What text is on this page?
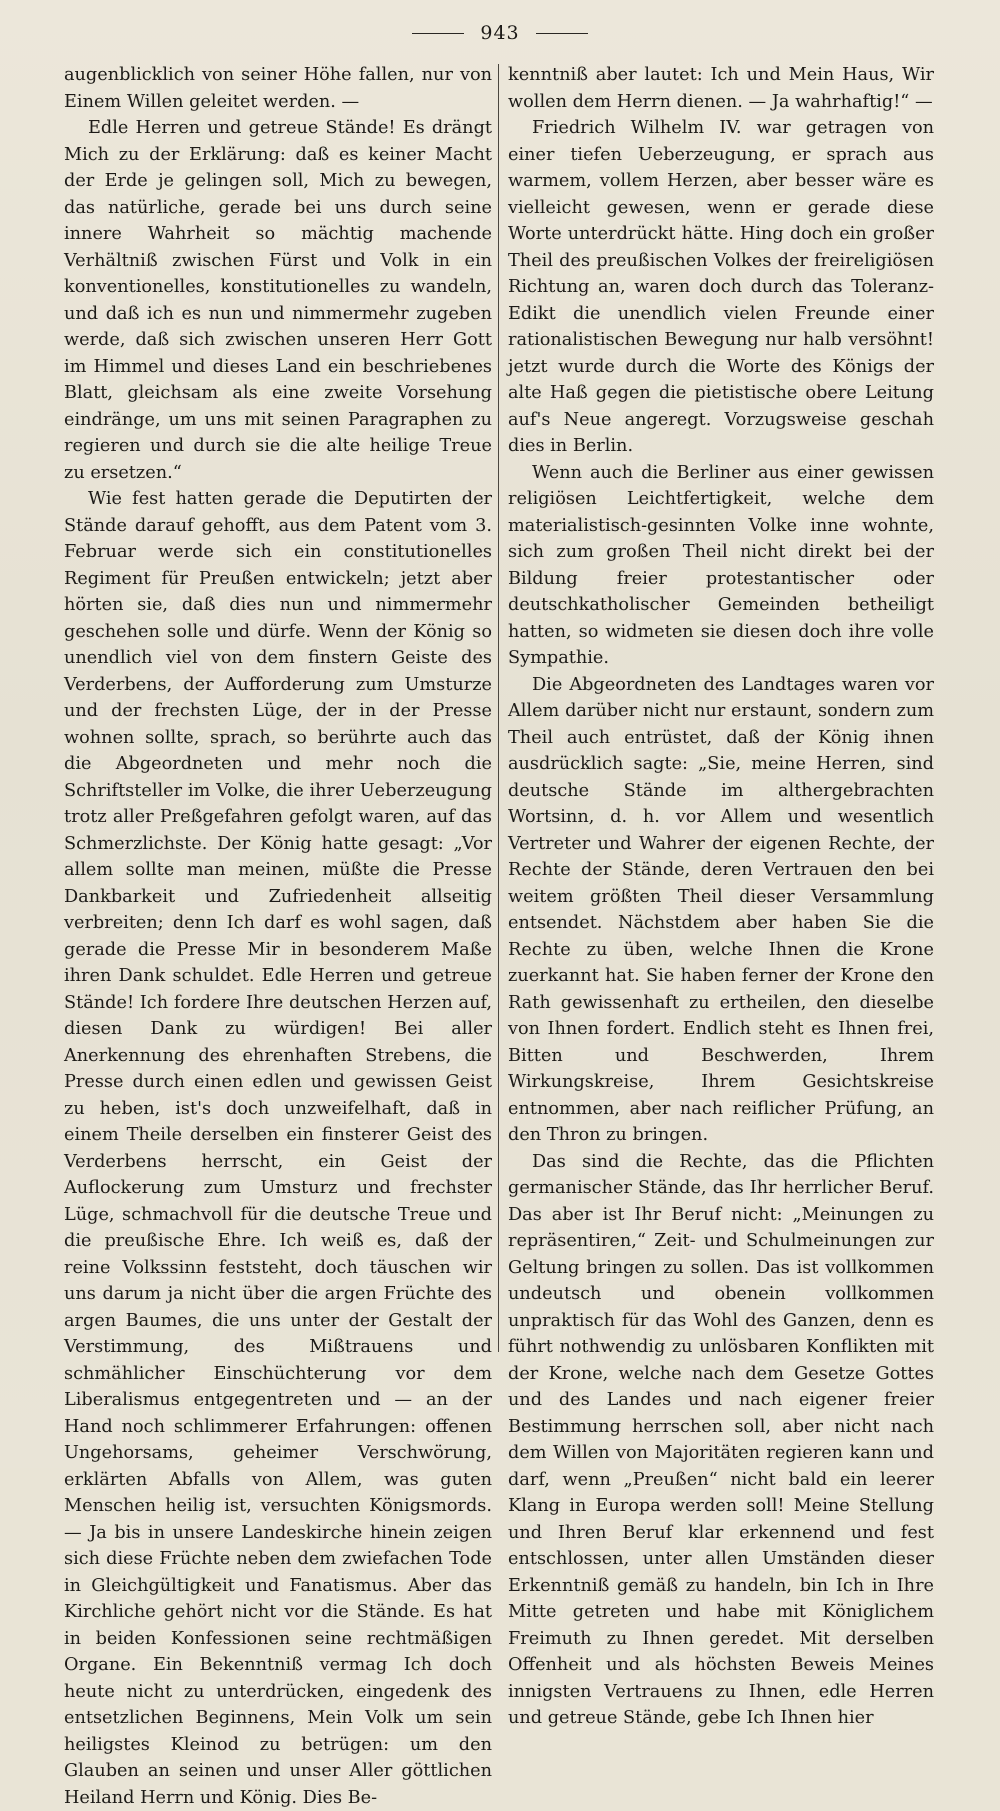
943

augenblicklich von seiner Höhe fallen, nur von Einem Willen geleitet werden. —

Edle Herren und getreue Stände! Es drängt Mich zu der Erklärung: daß es keiner Macht der Erde je gelingen soll, Mich zu bewegen, das natürliche, gerade bei uns durch seine innere Wahrheit so mächtig machende Verhältniß zwischen Fürst und Volk in ein konventionelles, konstitutionelles zu wandeln, und daß ich es nun und nimmermehr zugeben werde, daß sich zwischen unseren Herr Gott im Himmel und dieses Land ein beschriebenes Blatt, gleichsam als eine zweite Vorsehung eindränge, um uns mit seinen Paragraphen zu regieren und durch sie die alte heilige Treue zu ersetzen.“

Wie fest hatten gerade die Deputirten der Stände darauf gehofft, aus dem Patent vom 3. Februar werde sich ein constitutionelles Regiment für Preußen entwickeln; jetzt aber hörten sie, daß dies nun und nimmermehr geschehen solle und dürfe. Wenn der König so unendlich viel von dem finstern Geiste des Verderbens, der Aufforderung zum Umsturze und der frechsten Lüge, der in der Presse wohnen sollte, sprach, so berührte auch das die Abgeordneten und mehr noch die Schriftsteller im Volke, die ihrer Ueberzeugung trotz aller Preßgefahren gefolgt waren, auf das Schmerzlichste. Der König hatte gesagt: „Vor allem sollte man meinen, müßte die Presse Dankbarkeit und Zufriedenheit allseitig verbreiten; denn Ich darf es wohl sagen, daß gerade die Presse Mir in besonderem Maße ihren Dank schuldet. Edle Herren und getreue Stände! Ich fordere Ihre deutschen Herzen auf, diesen Dank zu würdigen! Bei aller Anerkennung des ehrenhaften Strebens, die Presse durch einen edlen und gewissen Geist zu heben, ist's doch unzweifelhaft, daß in einem Theile derselben ein finsterer Geist des Verderbens herrscht, ein Geist der Auflockerung zum Umsturz und frechster Lüge, schmachvoll für die deutsche Treue und die preußische Ehre. Ich weiß es, daß der reine Volkssinn feststeht, doch täuschen wir uns darum ja nicht über die argen Früchte des argen Baumes, die uns unter der Gestalt der Verstimmung, des Mißtrauens und schmählicher Einschüchterung vor dem Liberalismus entgegentreten und — an der Hand noch schlimmerer Erfahrungen: offenen Ungehorsams, geheimer Verschwörung, erklärten Abfalls von Allem, was guten Menschen heilig ist, versuchten Königsmords. — Ja bis in unsere Landeskirche hinein zeigen sich diese Früchte neben dem zwiefachen Tode in Gleichgültigkeit und Fanatismus. Aber das Kirchliche gehört nicht vor die Stände. Es hat in beiden Konfessionen seine rechtmäßigen Organe. Ein Bekenntniß vermag Ich doch heute nicht zu unterdrücken, eingedenk des entsetzlichen Beginnens, Mein Volk um sein heiligstes Kleinod zu betrügen: um den Glauben an seinen und unser Aller göttlichen Heiland Herrn und König. Dies Be-

kenntniß aber lautet: Ich und Mein Haus, Wir wollen dem Herrn dienen. — Ja wahrhaftig!“ —

Friedrich Wilhelm IV. war getragen von einer tiefen Ueberzeugung, er sprach aus warmem, vollem Herzen, aber besser wäre es vielleicht gewesen, wenn er gerade diese Worte unterdrückt hätte. Hing doch ein großer Theil des preußischen Volkes der freireligiösen Richtung an, waren doch durch das Toleranz-Edikt die unendlich vielen Freunde einer rationalistischen Bewegung nur halb versöhnt! jetzt wurde durch die Worte des Königs der alte Haß gegen die pietistische obere Leitung auf's Neue angeregt. Vorzugsweise geschah dies in Berlin.

Wenn auch die Berliner aus einer gewissen religiösen Leichtfertigkeit, welche dem materialistisch-gesinnten Volke inne wohnte, sich zum großen Theil nicht direkt bei der Bildung freier protestantischer oder deutschkatholischer Gemeinden betheiligt hatten, so widmeten sie diesen doch ihre volle Sympathie.

Die Abgeordneten des Landtages waren vor Allem darüber nicht nur erstaunt, sondern zum Theil auch entrüstet, daß der König ihnen ausdrücklich sagte: „Sie, meine Herren, sind deutsche Stände im althergebrachten Wortsinn, d. h. vor Allem und wesentlich Vertreter und Wahrer der eigenen Rechte, der Rechte der Stände, deren Vertrauen den bei weitem größten Theil dieser Versammlung entsendet. Nächstdem aber haben Sie die Rechte zu üben, welche Ihnen die Krone zuerkannt hat. Sie haben ferner der Krone den Rath gewissenhaft zu ertheilen, den dieselbe von Ihnen fordert. Endlich steht es Ihnen frei, Bitten und Beschwerden, Ihrem Wirkungskreise, Ihrem Gesichtskreise entnommen, aber nach reiflicher Prüfung, an den Thron zu bringen.

Das sind die Rechte, das die Pflichten germanischer Stände, das Ihr herrlicher Beruf. Das aber ist Ihr Beruf nicht: „Meinungen zu repräsentiren,“ Zeit- und Schulmeinungen zur Geltung bringen zu sollen. Das ist vollkommen undeutsch und obenein vollkommen unpraktisch für das Wohl des Ganzen, denn es führt nothwendig zu unlösbaren Konflikten mit der Krone, welche nach dem Gesetze Gottes und des Landes und nach eigener freier Bestimmung herrschen soll, aber nicht nach dem Willen von Majoritäten regieren kann und darf, wenn „Preußen“ nicht bald ein leerer Klang in Europa werden soll! Meine Stellung und Ihren Beruf klar erkennend und fest entschlossen, unter allen Umständen dieser Erkenntniß gemäß zu handeln, bin Ich in Ihre Mitte getreten und habe mit Königlichem Freimuth zu Ihnen geredet. Mit derselben Offenheit und als höchsten Beweis Meines innigsten Vertrauens zu Ihnen, edle Herren und getreue Stände, gebe Ich Ihnen hier
